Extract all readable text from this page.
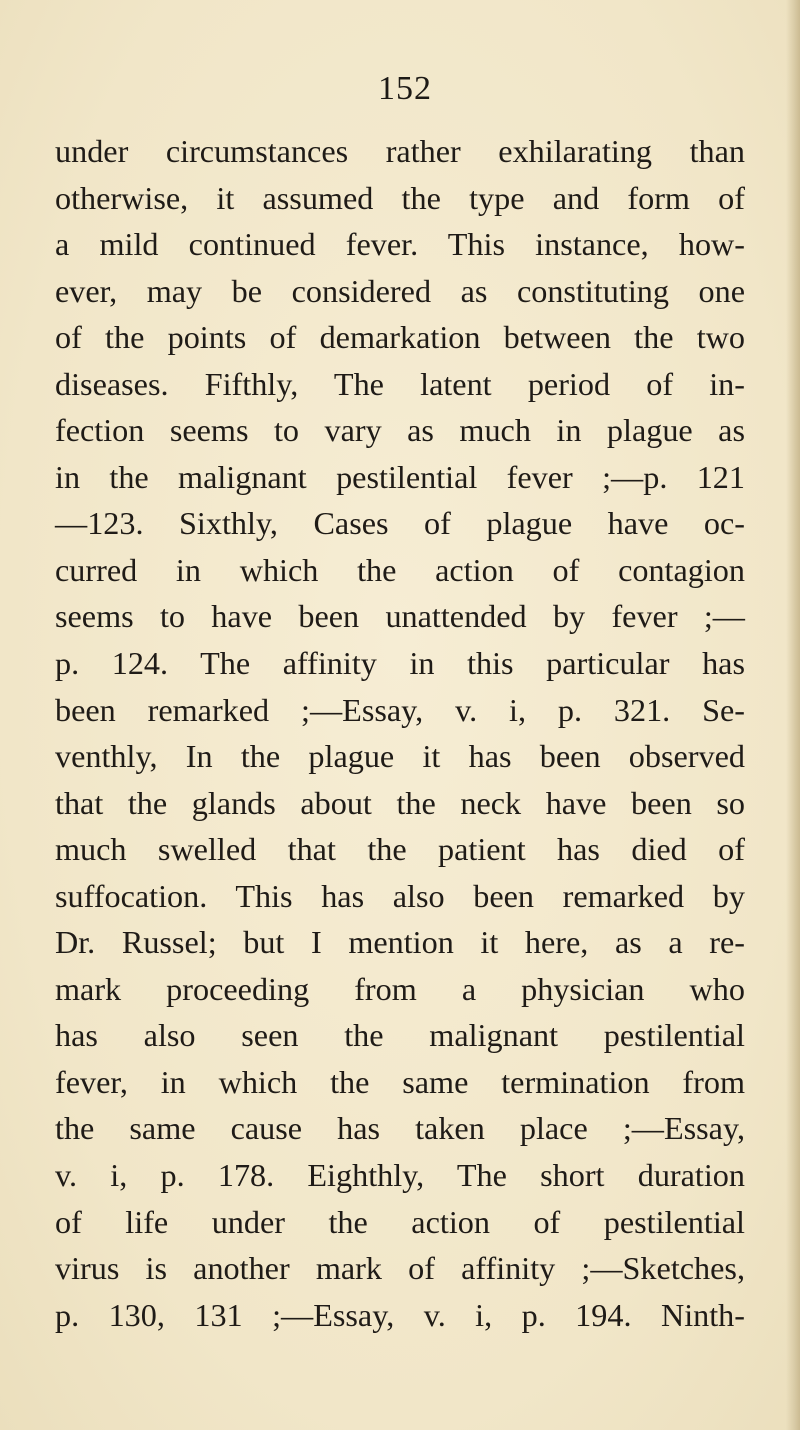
152
under circumstances rather exhilarating than
otherwise, it assumed the type and form of
a mild continued fever. This instance, how-
ever, may be considered as constituting one
of the points of demarkation between the two
diseases. Fifthly, The latent period of in-
fection seems to vary as much in plague as
in the malignant pestilential fever ;—p. 121
—123. Sixthly, Cases of plague have oc-
curred in which the action of contagion
seems to have been unattended by fever ;—
p. 124. The affinity in this particular has
been remarked ;—Essay, v. i, p. 321. Se-
venthly, In the plague it has been observed
that the glands about the neck have been so
much swelled that the patient has died of
suffocation. This has also been remarked by
Dr. Russel; but I mention it here, as a re-
mark proceeding from a physician who
has also seen the malignant pestilential
fever, in which the same termination from
the same cause has taken place ;—Essay,
v. i, p. 178. Eighthly, The short duration
of life under the action of pestilential
virus is another mark of affinity ;—Sketches,
p. 130, 131 ;—Essay, v. i, p. 194. Ninth-
